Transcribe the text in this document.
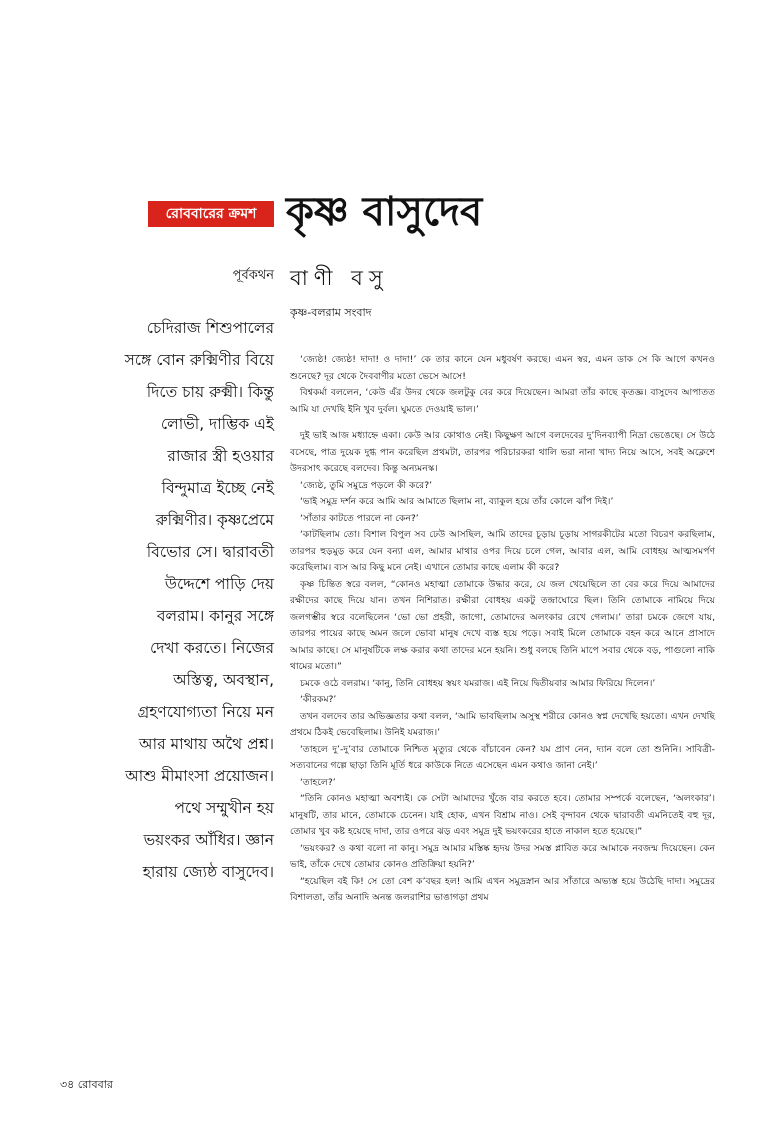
রোববারের ক্রমশ কৃষ্ণ বাসুদেব
পূর্বকথন বাণী বসু
কৃষ্ণ-বলরাম সংবাদ
চেদিরাজ শিশুপালের
সঙ্গে বোন রুক্মিণীর বিয়ে
দিতে চায় রুক্মী। কিন্তু
লোভী, দাম্ভিক এই
রাজার স্ত্রী হওয়ার
বিন্দুমাত্র ইচ্ছে নেই
রুক্মিণীর। কৃষ্ণপ্রেমে
বিভোর সে। দ্বারাবতী
উদ্দেশে পাড়ি দেয়
বলরাম। কানুর সঙ্গে
দেখা করতে। নিজের
অস্তিত্ব, অবস্থান,
গ্রহণযোগ্যতা নিয়ে মন
আর মাথায় অথৈ প্রশ্ন।
আশু মীমাংসা প্রয়োজন।
পথে সম্মুখীন হয়
ভয়ংকর আঁধির। জ্ঞান
হারায় জ্যেষ্ঠ বাসুদেব।

‘জ্যেষ্ঠ! জ্যেষ্ঠ! দাদা! ও দাদা!’ কে তার কানে যেন মধুবর্ষণ করছে। এমন স্বর, এমন ডাক সে কি আগে কখনও শুনেছে? দূর থেকে দৈববাণীর মতো ভেসে আসে!

বিশ্বকর্মা বললেন, ‘কেউ এঁর উদর থেকে জলটুকু বের করে দিয়েছেন। আমরা তাঁর কাছে কৃতজ্ঞ। বাসুদেব আপাতত আমি যা দেখছি ইনি খুব দুর্বল। ঘুমতে দেওয়াই ভাল।’

দুই ভাই আজ মধ্যাহ্নে একা। কেউ আর কোথাও নেই। কিছুক্ষণ আগে বলদেবের দু’দিনব্যাপী নিদ্রা ভেঙেছে। সে উঠে বসেছে, পাত্র দুয়েক দুগ্ধ পান করেছিল প্রথমটা, তারপর পরিচারকরা থালি ভরা নানা খাদ্য নিয়ে আসে, সবই অক্লেশে উদরসাৎ করেছে বলদেব। কিন্তু অন্যমনস্ক।

‘জ্যেষ্ঠ, তুমি সমুদ্রে পড়লে কী করে?’

‘ভাই সমুদ্র দর্শন করে আমি আর আমাতে ছিলাম না, ব্যাকুল হয়ে তাঁর কোলে ঝাঁপ দিই।’

‘সাঁতার কাটতে পারলে না কেন?’

‘কাটছিলাম তো। বিশাল বিপুল সব ঢেউ আসছিল, আমি তাদের চূড়ায় চূড়ায় সাগরকীটের মতো বিচরণ করছিলাম, তারপর হুড়মুড় করে যেন বন্যা এল, আমার মাথার ওপর দিয়ে চলে গেল, আবার এল, আমি বোধহয় আত্মসমর্পণ করেছিলাম। ব্যস আর কিছু মনে নেই। এখানে তোমার কাছে এলাম কী করে?

কৃষ্ণ চিন্তিত স্বরে বলল, “কোনও মহাত্মা তোমাকে উদ্ধার করে, যে জল খেয়েছিলে তা বের করে দিয়ে আমাদের রক্ষীদের কাছে দিয়ে যান। তখন নিশিরাত। রক্ষীরা বোধহয় একটু তন্দ্রাঘোরে ছিল। তিনি তোমাকে নামিয়ে দিয়ে জলগম্ভীর স্বরে বলেছিলেন ‘ভো ভো প্রহরী, জাগো, তোমাদের অলংকার রেখে গেলাম।’ তারা চমকে জেগে যায়, তারপর পায়ের কাছে অমন জলে ভোবা মানুষ দেখে ব্যস্ত হয়ে পড়ে। সবাই মিলে তোমাকে বহন করে আনে প্রাসাদে আমার কাছে। সে মানুষটিকে লক্ষ করার কথা তাদের মনে হয়নি। শুধু বলছে তিনি মাপে সবার থেকে বড়, পাগুলো নাকি থামের মতো।”

চমকে ওঠে বলরাম। ‘কানু, তিনি বোধহয় স্বয়ং যমরাজ। এই নিয়ে দ্বিতীয়বার আমার ফিরিয়ে দিলেন।’

‘কীরকম?’

তখন বলদেব তার অভিজ্ঞতার কথা বলল, ‘আমি ভাবছিলাম অসুস্থ শরীরে কোনও স্বপ্ন দেখেছি হয়তো। এখন দেখছি প্রথমে ঠিকই ভেবেছিলাম। উনিই যমরাজ।’

‘তাহলে দু’-দু’বার তোমাকে নিশ্চিত মৃত্যুর থেকে বাঁচাবেন কেন? যম প্রাণ নেন, দ্যান বলে তো শুনিনি। সাবিত্রী-সত্যবানের গল্পে ছাড়া তিনি মূর্তি ধরে কাউকে নিতে এসেছেন এমন কথাও জানা নেই।’

‘তাহলে?’

“তিনি কোনও মহাত্মা অবশ্যই। কে সেটা আমাদের খুঁজে বার করতে হবে। তোমার সম্পর্কে বলেছেন, ‘অলংকার’। মানুষটি, তার মানে, তোমাকে চেনেন। যাই হোক, এখন বিশ্রাম নাও। সেই বৃন্দাবন থেকে দ্বারাবতী এমনিতেই বহু দূর, তোমার খুব কষ্ট হয়েছে দাদা, তার ওপরে ঝড় এবং সমুদ্র দুই ভয়ংকরের হাতে নাকাল হতে হয়েছে।”

‘ভয়ংকর? ও কথা বলো না কানু। সমুদ্র আমার মস্তিষ্ক হৃদয় উদর সমস্ত প্লাবিত করে আমাকে নবজন্ম দিয়েছেন। কেন ভাই, তাঁকে দেখে তোমার কোনও প্রতিক্রিয়া হয়নি?’

“হয়েছিল বই কি! সে তো বেশ ক’বছর হল! আমি এখন সমুদ্রস্নান আর সাঁতারে অভ্যস্ত হয়ে উঠেছি দাদা। সমুদ্রের বিশালতা, তাঁর অনাদি অনন্ত জলরাশির ভাঙাগড়া প্রথম

৩৪ রোববার
